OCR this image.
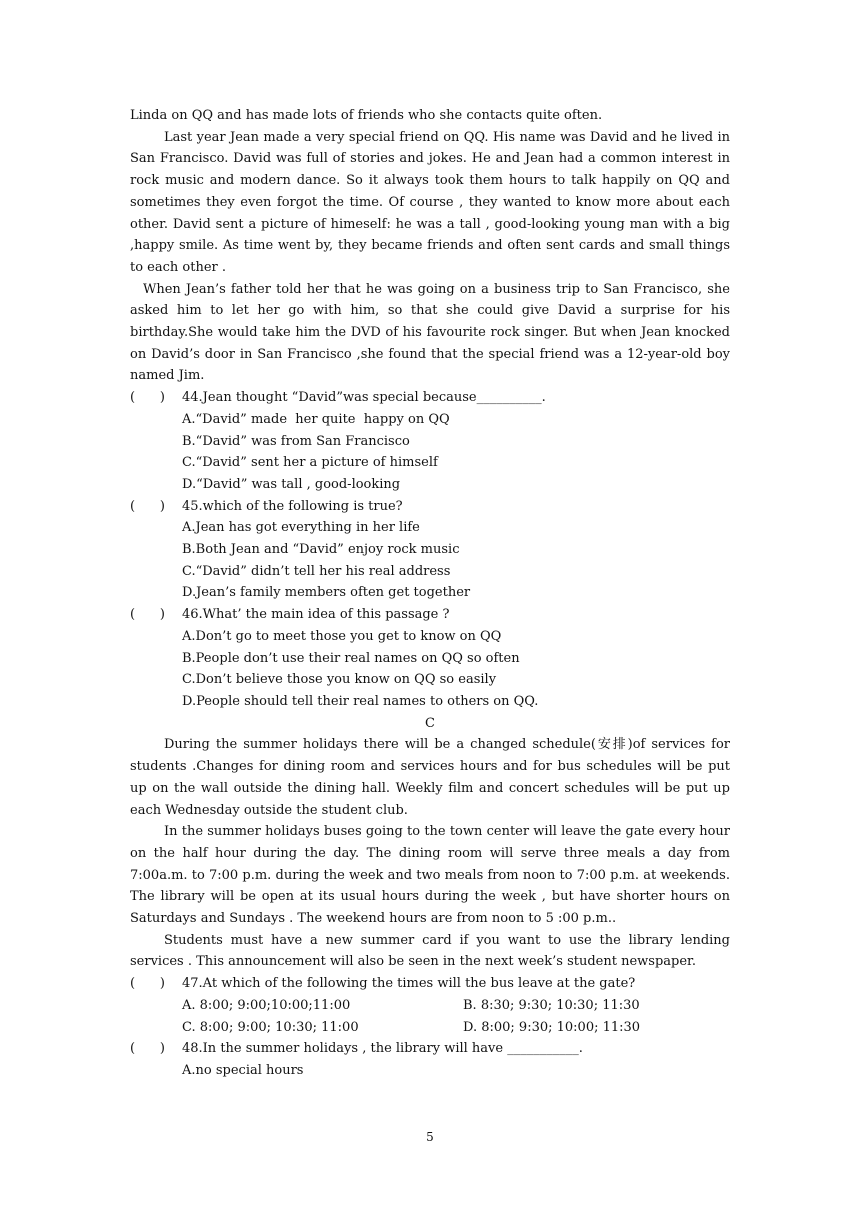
Linda on QQ and has made lots of friends who she contacts quite often.

Last year Jean made a very special friend on QQ. His name was David and he lived in San Francisco. David was full of stories and jokes. He and Jean had a common interest in rock music and modern dance. So it always took them hours to talk happily on QQ and sometimes they even forgot the time. Of course , they wanted to know more about each other. David sent a picture of himeself: he was a tall , good-looking young man with a big ,happy smile. As time went by, they became friends and often sent cards and small things to each other .

When Jean’s father told her that he was going on a business trip to San Francisco, she asked him to let her go with him, so that she could give David a surprise for his birthday.She would take him the DVD of his favourite rock singer. But when Jean knocked on David’s door in San Francisco ,she found that the special friend was a 12-year-old boy named Jim.

(      ) 44.Jean thought “David”was special because__________.

A.“David” made  her quite  happy on QQ

B.“David” was from San Francisco

C.“David” sent her a picture of himself

D.“David” was tall , good-looking

(      ) 45.which of the following is true?

A.Jean has got everything in her life

B.Both Jean and “David” enjoy rock music

C.“David” didn’t tell her his real address

D.Jean’s family members often get together

(      ) 46.What’ the main idea of this passage ?

A.Don’t go to meet those you get to know on QQ

B.People don’t use their real names on QQ so often

C.Don’t believe those you know on QQ so easily

D.People should tell their real names to others on QQ.

C

During the summer holidays there will be a changed schedule(安排)of services for students .Changes for dining room and services hours and for bus schedules will be put up on the wall outside the dining hall. Weekly film and concert schedules will be put up each Wednesday outside the student club.

In the summer holidays buses going to the town center will leave the gate every hour on the half hour during the day. The dining room will serve three meals a day from 7:00a.m. to 7:00 p.m. during the week and two meals from noon to 7:00 p.m. at weekends. The library will be open at its usual hours during the week , but have shorter hours on Saturdays and Sundays . The weekend hours are from noon to 5 :00 p.m..

Students must have a new summer card if you want to use the library lending services . This announcement will also be seen in the next week’s student newspaper.

(      ) 47.At which of the following the times will the bus leave at the gate?

A. 8:00; 9:00;10:00;11:00	B. 8:30; 9:30; 10:30; 11:30
C. 8:00; 9:00; 10:30; 11:00	D. 8:00; 9:30; 10:00; 11:30

(      ) 48.In the summer holidays , the library will have ___________.

A.no special hours

5
